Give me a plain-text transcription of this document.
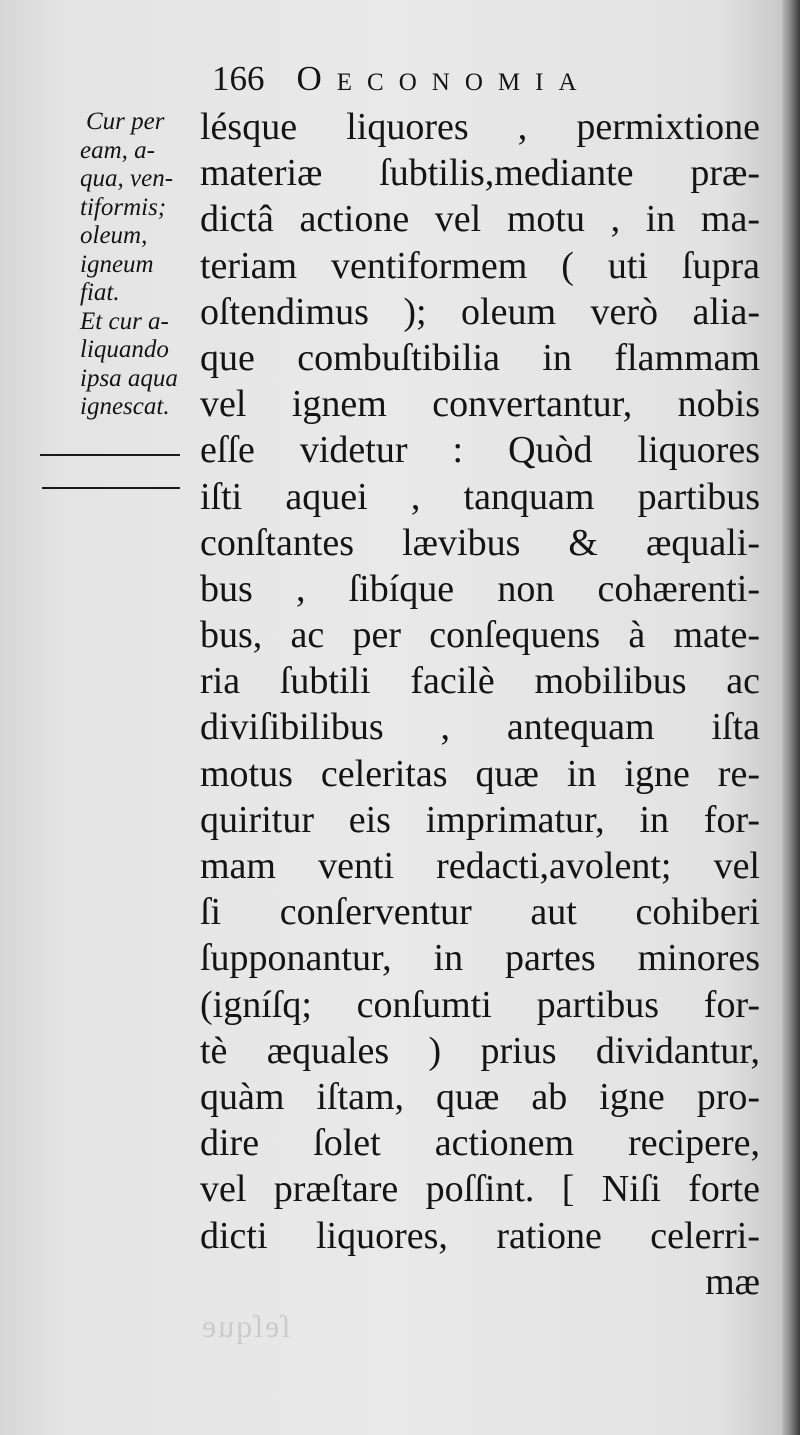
166 Oeconomia
Cur per
eam, a-
qua, ven-
tiformis;
oleum,
igneum
fiat.
Et cur a-
liquando
ipsa aqua
ignescat.
lésque liquores , permixtione
materiæ ſubtilis,mediante præ-
dictâ actione vel motu , in ma-
teriam ventiformem ( uti ſupra
oſtendimus ); oleum verò alia-
que combuſtibilia in flammam
vel ignem convertantur, nobis
eſſe videtur : Quòd liquores
iſti aquei , tanquam partibus
conſtantes lævibus & æquali-
bus , ſibíque non cohærenti-
bus, ac per conſequens à mate-
ria ſubtili facilè mobilibus ac
diviſibilibus , antequam iſta
motus celeritas quæ in igne re-
quiritur eis imprimatur, in for-
mam venti redacti,avolent; vel
ſi conſerventur aut cohiberi
ſupponantur, in partes minores
(igníſq; conſumti partibus for-
tè æquales ) prius dividantur,
quàm iſtam, quæ ab igne pro-
dire ſolet actionem recipere,
vel præſtare poſſint. [ Niſi forte
dicti liquores, ratione celerri-
mæ
ſeſque
